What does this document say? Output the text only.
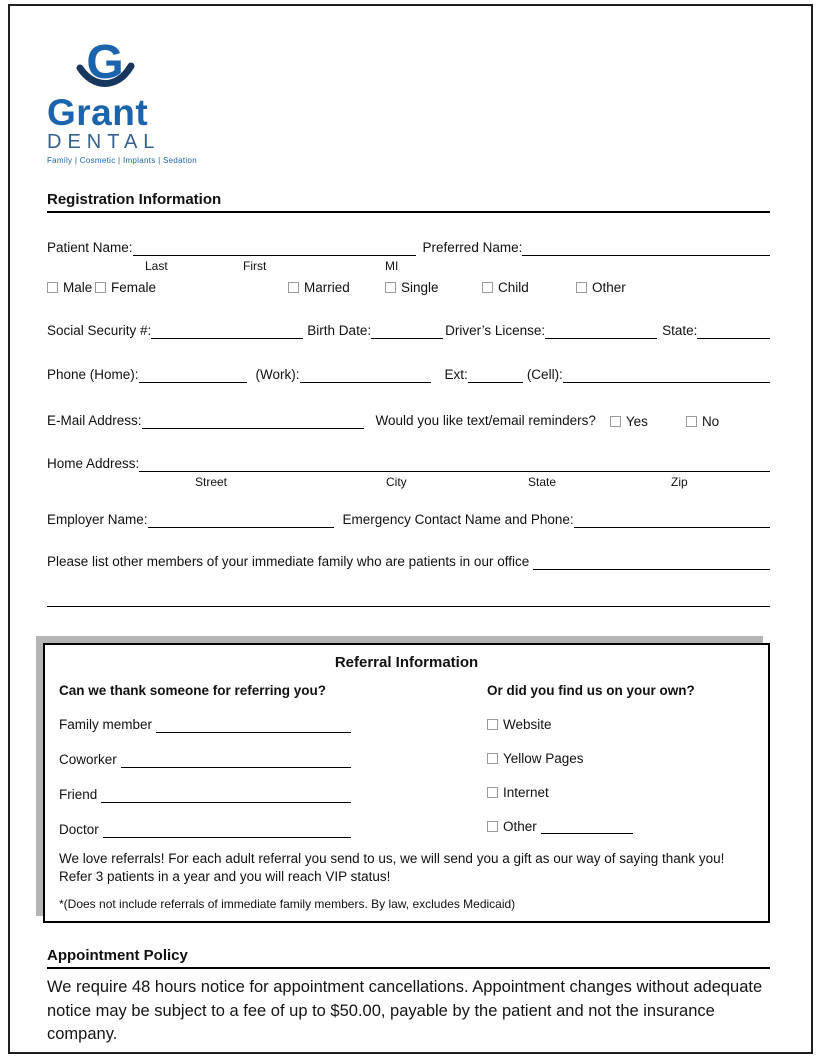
G
Grant
DENTAL
Family | Cosmetic | Implants | Sedation
Registration Information
Patient Name:	Preferred Name:
Last	First	MI
Male Female	Married	Single	Child	Other
Social Security #:	Birth Date:	Driver’s License:	State:
Phone (Home):	(Work):	Ext:	(Cell):
E-Mail Address:	Would you like text/email reminders? Yes	No
Home Address:
Street	City	State	Zip
Employer Name:	Emergency Contact Name and Phone:
Please list other members of your immediate family who are patients in our office
Referral Information
Can we thank someone for referring you?
Family member
Coworker
Friend
Doctor
Or did you find us on your own?
Website
Yellow Pages
Internet
Other
We love referrals! For each adult referral you send to us, we will send you a gift as our way of saying thank you! Refer 3 patients in a year and you will reach VIP status!
*(Does not include referrals of immediate family members. By law, excludes Medicaid)
Appointment Policy
We require 48 hours notice for appointment cancellations. Appointment changes without adequate notice may be subject to a fee of up to $50.00, payable by the patient and not the insurance company.
